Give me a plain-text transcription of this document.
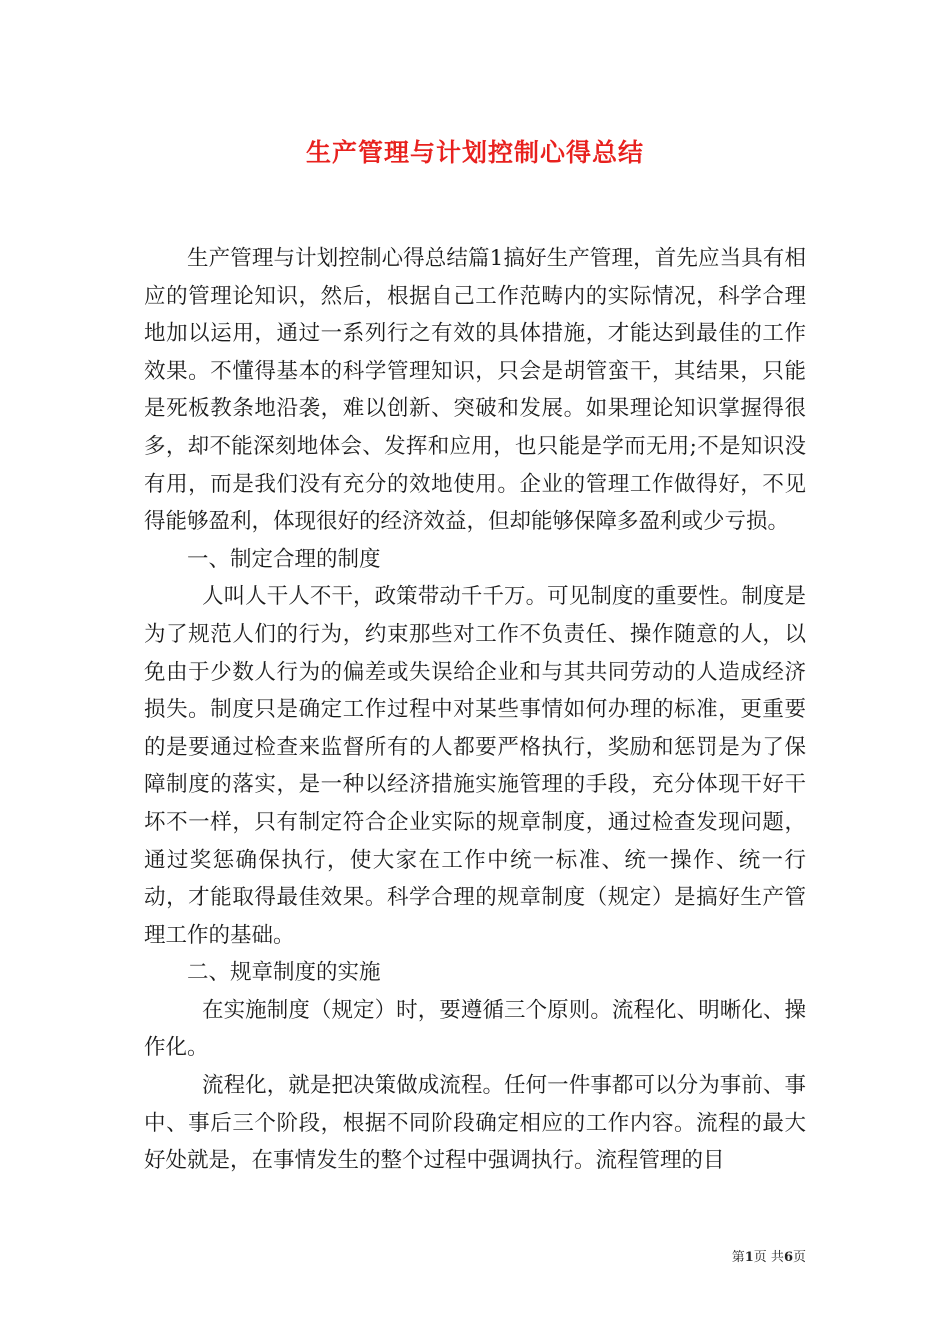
生产管理与计划控制心得总结

生产管理与计划控制心得总结篇1搞好生产管理，首先应当具有相应的管理论知识，然后，根据自己工作范畴内的实际情况，科学合理地加以运用，通过一系列行之有效的具体措施，才能达到最佳的工作效果。不懂得基本的科学管理知识，只会是胡管蛮干，其结果，只能是死板教条地沿袭，难以创新、突破和发展。如果理论知识掌握得很多，却不能深刻地体会、发挥和应用，也只能是学而无用;不是知识没有用，而是我们没有充分的效地使用。企业的管理工作做得好，不见得能够盈利，体现很好的经济效益，但却能够保障多盈利或少亏损。

一、制定合理的制度

人叫人干人不干，政策带动千千万。可见制度的重要性。制度是为了规范人们的行为，约束那些对工作不负责任、操作随意的人，以免由于少数人行为的偏差或失误给企业和与其共同劳动的人造成经济损失。制度只是确定工作过程中对某些事情如何办理的标准，更重要的是要通过检查来监督所有的人都要严格执行，奖励和惩罚是为了保障制度的落实，是一种以经济措施实施管理的手段，充分体现干好干坏不一样，只有制定符合企业实际的规章制度，通过检查发现问题，通过奖惩确保执行，使大家在工作中统一标准、统一操作、统一行动，才能取得最佳效果。科学合理的规章制度（规定）是搞好生产管理工作的基础。

二、规章制度的实施

在实施制度（规定）时，要遵循三个原则。流程化、明晰化、操作化。

流程化，就是把决策做成流程。任何一件事都可以分为事前、事中、事后三个阶段，根据不同阶段确定相应的工作内容。流程的最大好处就是，在事情发生的整个过程中强调执行。流程管理的目

第1页 共6页
